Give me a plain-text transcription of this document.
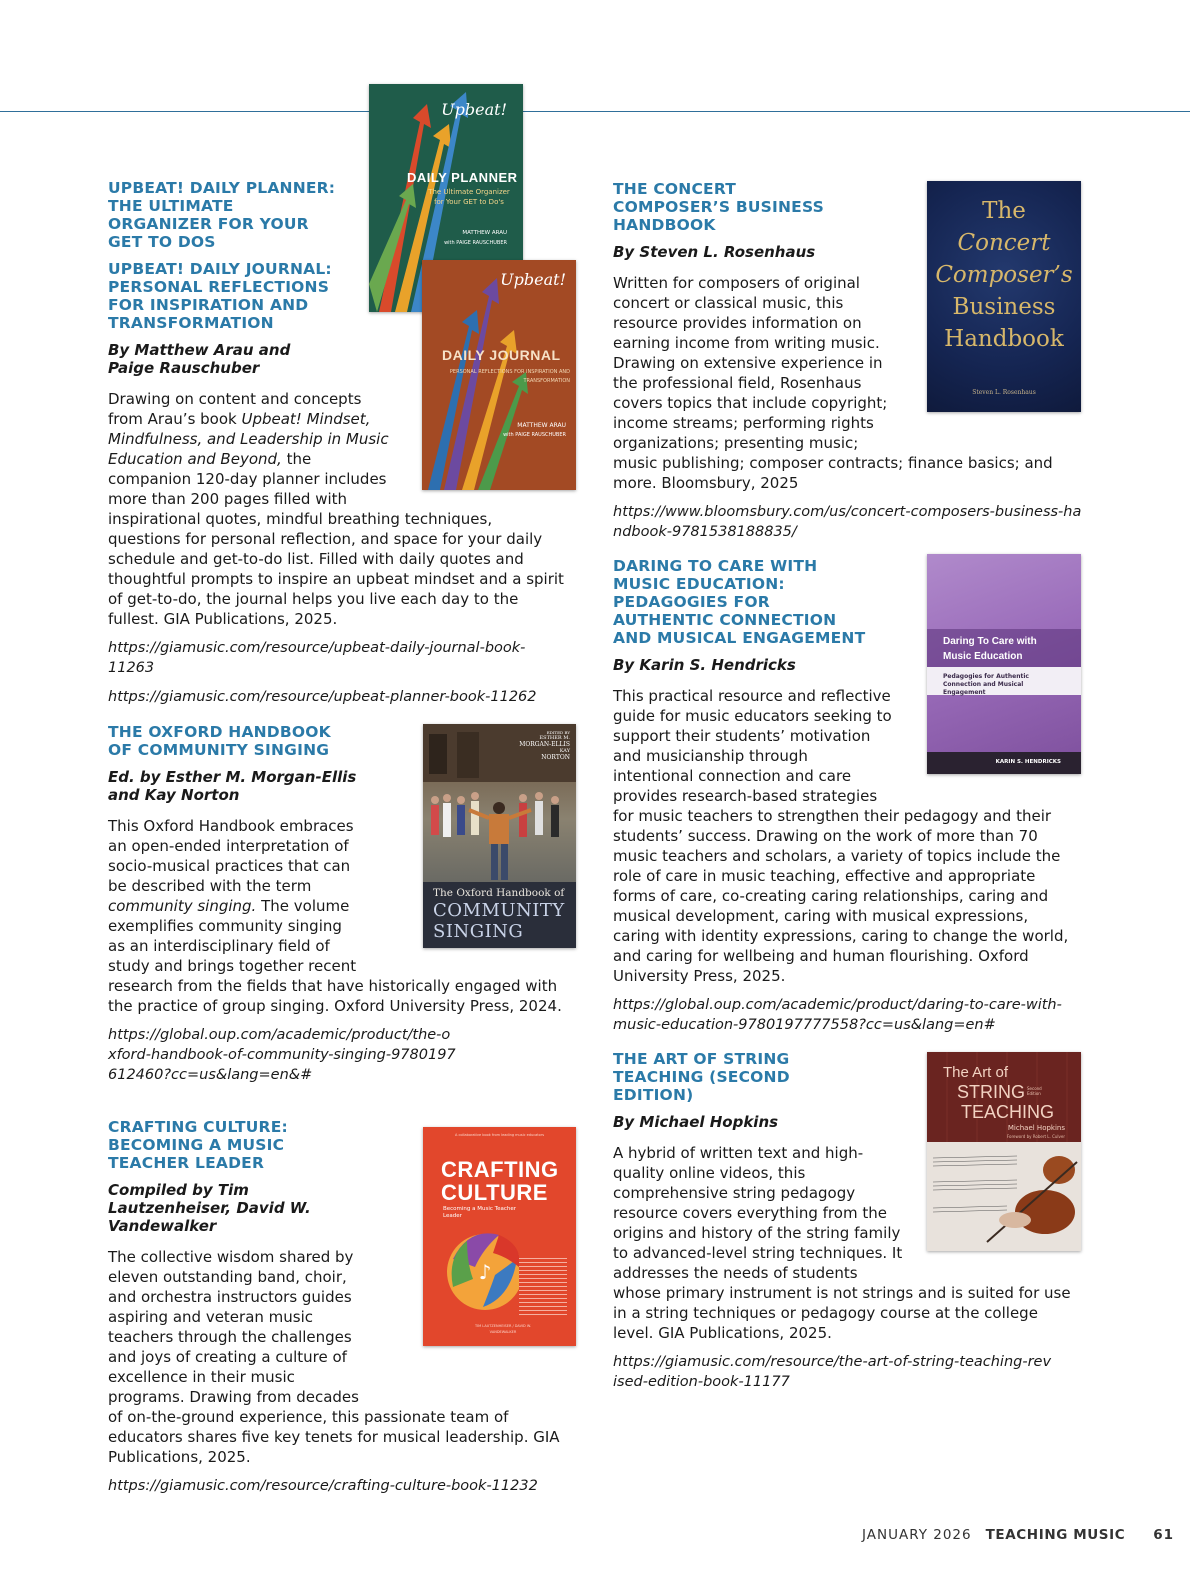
Upbeat!
DAILY PLANNER
The Ultimate Organizer for Your GET to Do's
MATTHEW ARAU
with PAIGE RAUSCHUBER
Upbeat!
DAILY JOURNAL
PERSONAL REFLECTIONS FOR INSPIRATION AND TRANSFORMATION
MATTHEW ARAU
with PAIGE RAUSCHUBER
EDITED BY
ESTHER M.
MORGAN-ELLIS
KAY
NORTON
The Oxford Handbook of
COMMUNITY
SINGING
A collaborative book from leading music educators
CRAFTING
CULTURE
Becoming a Music Teacher Leader
♪
TIM LAUTZENHEISER / DAVID W. VANDEWALKER
The
Concert
Composer’s
Business
Handbook
Steven L. Rosenhaus
Daring To Care with Music Education
Pedagogies for Authentic Connection and Musical Engagement
KARIN S. HENDRICKS
The Art of
STRING Second Edition
TEACHING
Michael Hopkins
Foreword by Robert L. Culver
UPBEAT! DAILY PLANNER: THE ULTIMATE ORGANIZER FOR YOUR GET TO DOS
UPBEAT! DAILY JOURNAL: PERSONAL REFLECTIONS FOR INSPIRATION AND TRANSFORMATION

By Matthew Arau and Paige Rauschuber

Drawing on content and concepts from Arau’s book Upbeat! Mindset, Mindfulness, and Leadership in Music Education and Beyond, the companion 120-day planner includes more than 200 pages filled with inspirational quotes, mindful breathing techniques, questions for personal reflection, and space for your daily schedule and get-to-do list. Filled with daily quotes and thoughtful prompts to inspire an upbeat mindset and a spirit of get-to-do, the journal helps you live each day to the fullest. GIA Publications, 2025.

https://giamusic.com/resource/upbeat-daily-journal-book-11263

https://giamusic.com/resource/upbeat-planner-book-11262

THE OXFORD HANDBOOK OF COMMUNITY SINGING

Ed. by Esther M. Morgan-Ellis and Kay Norton

This Oxford Handbook embraces an open-ended interpretation of socio-musical practices that can be described with the term community singing. The volume exemplifies community singing as an interdisciplinary field of study and brings together recent research from the fields that have historically engaged with the practice of group singing. Oxford University Press, 2024.

https://global.oup.com/academic/product/the-oxford-handbook-of-community-singing-9780197612460?cc=us&lang=en&#

CRAFTING CULTURE: BECOMING A MUSIC TEACHER LEADER

Compiled by Tim Lautzenheiser, David W. Vandewalker

The collective wisdom shared by eleven outstanding band, choir, and orchestra instructors guides aspiring and veteran music teachers through the challenges and joys of creating a culture of excellence in their music programs. Drawing from decades of on-the-ground experience, this passionate team of educators shares five key tenets for musical leadership. GIA Publications, 2025.

https://giamusic.com/resource/crafting-culture-book-11232

THE CONCERT COMPOSER’S BUSINESS HANDBOOK

By Steven L. Rosenhaus

Written for composers of original concert or classical music, this resource provides information on earning income from writing music. Drawing on extensive experience in the professional field, Rosenhaus covers topics that include copyright; income streams; performing rights organizations; presenting music; music publishing; composer contracts; finance basics; and more. Bloomsbury, 2025

https://www.bloomsbury.com/us/concert-composers-business-handbook-9781538188835/

DARING TO CARE WITH MUSIC EDUCATION: PEDAGOGIES FOR AUTHENTIC CONNECTION AND MUSICAL ENGAGEMENT

By Karin S. Hendricks

This practical resource and reflective guide for music educators seeking to support their students’ motivation and musicianship through intentional connection and care provides research-based strategies for music teachers to strengthen their pedagogy and their students’ success. Drawing on the work of more than 70 music teachers and scholars, a variety of topics include the role of care in music teaching, effective and appropriate forms of care, co-creating caring relationships, caring and musical development, caring with musical expressions, caring with identity expressions, caring to change the world, and caring for wellbeing and human flourishing. Oxford University Press, 2025.

https://global.oup.com/academic/product/daring-to-care-with-music-education-9780197777558?cc=us&lang=en#

THE ART OF STRING TEACHING (SECOND EDITION)

By Michael Hopkins

A hybrid of written text and high-quality online videos, this comprehensive string pedagogy resource covers everything from the origins and history of the string family to advanced-level string techniques. It addresses the needs of students whose primary instrument is not strings and is suited for use in a string techniques or pedagogy course at the college level. GIA Publications, 2025.

https://giamusic.com/resource/the-art-of-string-teaching-revised-edition-book-11177

JANUARY 2026 TEACHING MUSIC 61
